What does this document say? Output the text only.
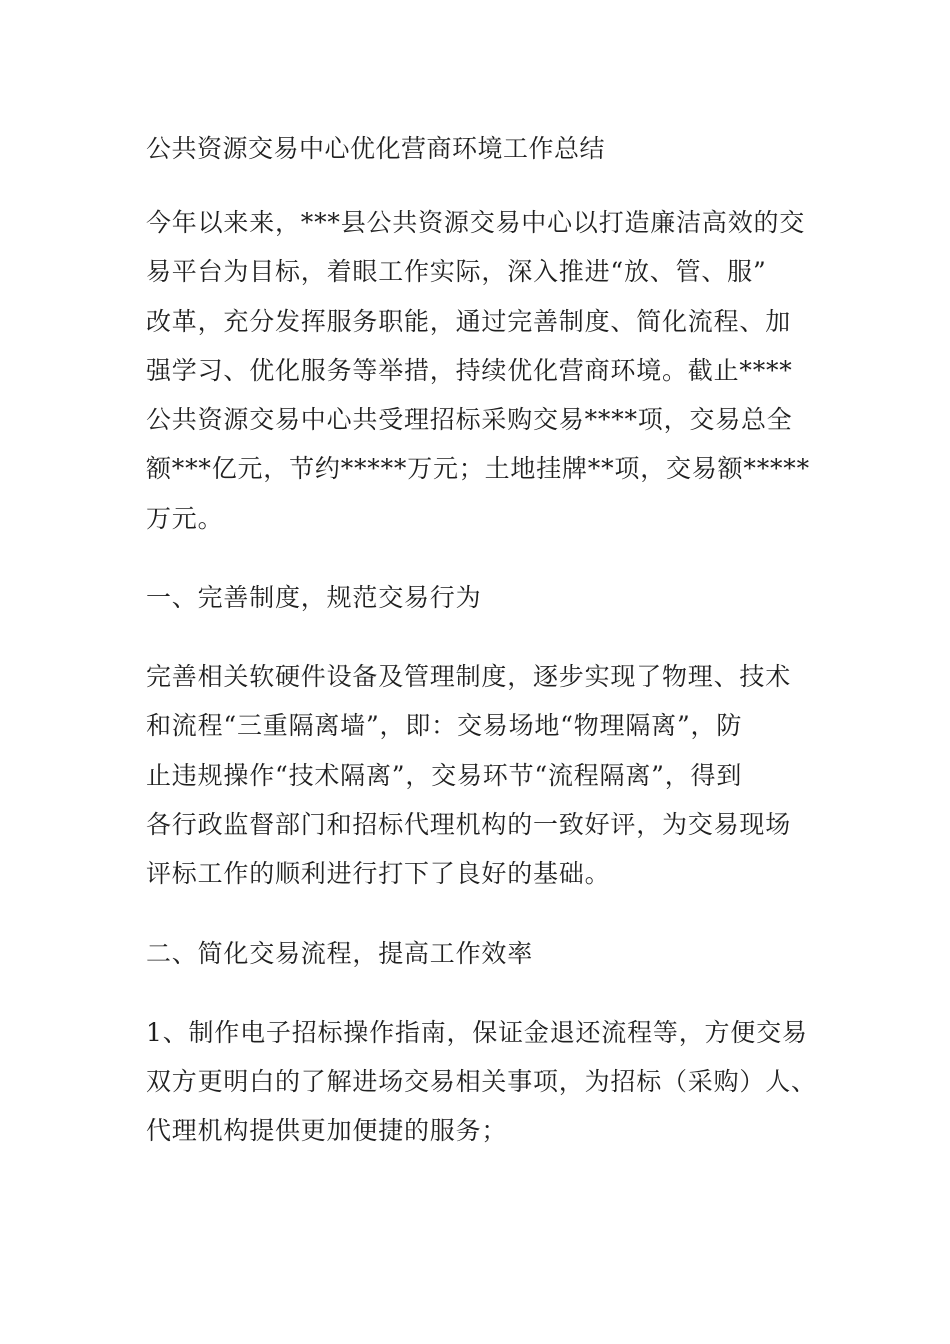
公共资源交易中心优化营商环境工作总结

今年以来来，***县公共资源交易中心以打造廉洁高效的交
易平台为目标，着眼工作实际，深入推进“放、管、服”
改革，充分发挥服务职能，通过完善制度、简化流程、加
强学习、优化服务等举措，持续优化营商环境。截止****
公共资源交易中心共受理招标采购交易****项，交易总全
额***亿元，节约*****万元；土地挂牌**项，交易额*****
万元。

一、完善制度，规范交易行为

完善相关软硬件设备及管理制度，逐步实现了物理、技术
和流程“三重隔离墙”，即：交易场地“物理隔离”，防
止违规操作“技术隔离”，交易环节“流程隔离”，得到
各行政监督部门和招标代理机构的一致好评，为交易现场
评标工作的顺利进行打下了良好的基础。

二、简化交易流程，提高工作效率

1、制作电子招标操作指南，保证金退还流程等，方便交易
双方更明白的了解进场交易相关事项，为招标（采购）人、
代理机构提供更加便捷的服务；
